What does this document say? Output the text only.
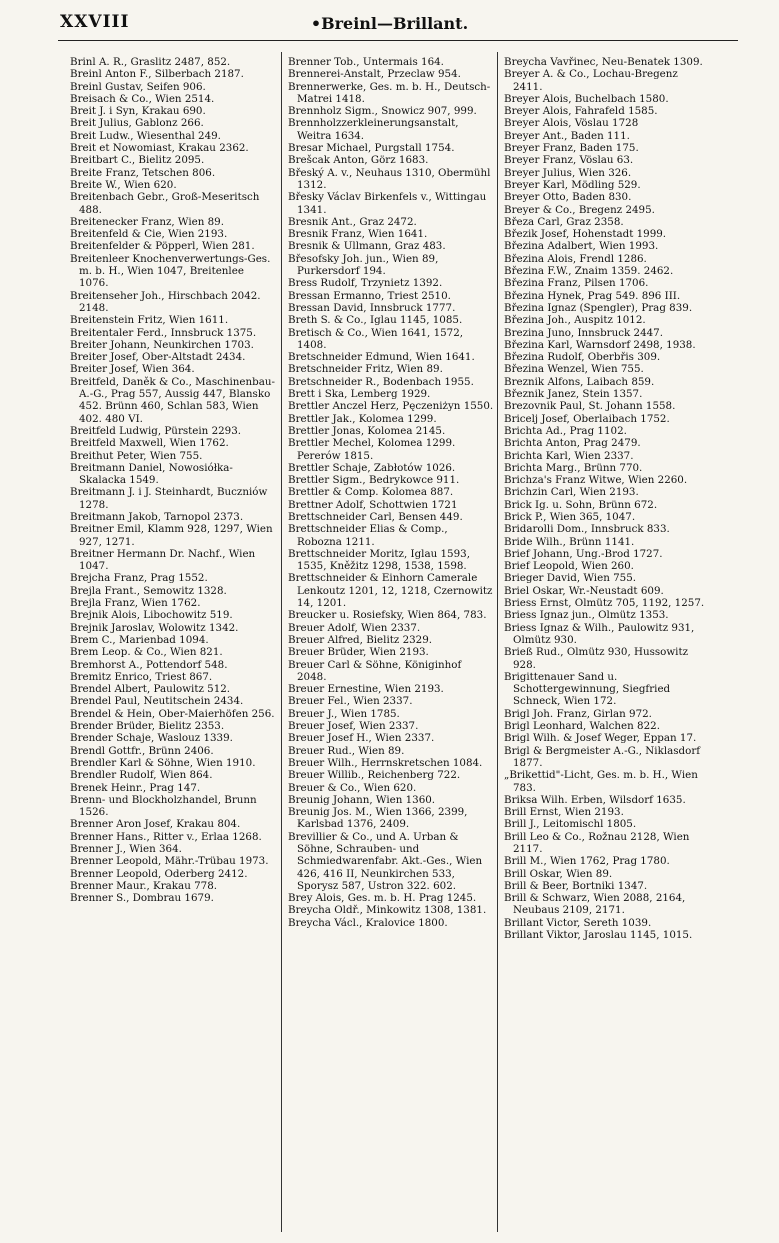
XXVIII	•Breinl—Brillant.

Brinl A. R., Graslitz 2487, 852.

Breinl Anton F., Silberbach 2187.

Breinl Gustav, Seifen 906.

Breisach & Co., Wien 2514.

Breit J. i Syn, Krakau 690.

Breit Julius, Gablonz 266.

Breit Ludw., Wiesenthal 249.

Breit et Nowomiast, Krakau 2362.

Breitbart C., Bielitz 2095.

Breite Franz, Tetschen 806.

Breite W., Wien 620.

Breitenbach Gebr., Groß-Meseritsch 488.

Breitenecker Franz, Wien 89.

Breitenfeld & Cie, Wien 2193.

Breitenfelder & Pöpperl, Wien 281.

Breitenleer Knochenverwertungs-Ges. m. b. H., Wien 1047, Breitenlee 1076.

Breitenseher Joh., Hirschbach 2042. 2148.

Breitenstein Fritz, Wien 1611.

Breitentaler Ferd., Innsbruck 1375.

Breiter Johann, Neunkirchen 1703.

Breiter Josef, Ober-Altstadt 2434.

Breiter Josef, Wien 364.

Breitfeld, Daněk & Co., Maschinenbau-A.-G., Prag 557, Aussig 447, Blansko 452. Brünn 460, Schlan 583, Wien 402. 480 VI.

Breitfeld Ludwig, Pürstein 2293.

Breitfeld Maxwell, Wien 1762.

Breithut Peter, Wien 755.

Breitmann Daniel, Nowosiółka-Skalacka 1549.

Breitmann J. i J. Steinhardt, Buczniów 1278.

Breitmann Jakob, Tarnopol 2373.

Breitner Emil, Klamm 928, 1297, Wien 927, 1271.

Breitner Hermann Dr. Nachf., Wien 1047.

Brejcha Franz, Prag 1552.

Brejla Frant., Semowitz 1328.

Brejla Franz, Wien 1762.

Brejnik Alois, Libochowitz 519.

Brejnik Jaroslav, Wolowitz 1342.

Brem C., Marienbad 1094.

Brem Leop. & Co., Wien 821.

Bremhorst A., Pottendorf 548.

Bremitz Enrico, Triest 867.

Brendel Albert, Paulowitz 512.

Brendel Paul, Neutitschein 2434.

Brendel & Hein, Ober-Maierhöfen 256.

Brender Brüder, Bielitz 2353.

Brender Schaje, Waslouz 1339.

Brendl Gottfr., Brünn 2406.

Brendler Karl & Söhne, Wien 1910.

Brendler Rudolf, Wien 864.

Brenek Heinr., Prag 147.

Brenn- und Blockholzhandel, Brunn 1526.

Brenner Aron Josef, Krakau 804.

Brenner Hans., Ritter v., Erlaa 1268.

Brenner J., Wien 364.

Brenner Leopold, Mähr.-Trübau 1973.

Brenner Leopold, Oderberg 2412.

Brenner Maur., Krakau 778.

Brenner S., Dombrau 1679.

Brenner Tob., Untermais 164.

Brennerei-Anstalt, Przeclaw 954.

Brennerwerke, Ges. m. b. H., Deutsch-Matrei 1418.

Brennholz Sigm., Snowicz 907, 999.

Brennholzzerkleinerungsanstalt, Weitra 1634.

Bresar Michael, Purgstall 1754.

Brešcak Anton, Görz 1683.

Břeský A. v., Neuhaus 1310, Obermühl 1312.

Břesky Václav Birkenfels v., Wittingau 1341.

Bresnik Ant., Graz 2472.

Bresnik Franz, Wien 1641.

Bresnik & Ullmann, Graz 483.

Břesofsky Joh. jun., Wien 89, Purkersdorf 194.

Bress Rudolf, Trzynietz 1392.

Bressan Ermanno, Triest 2510.

Bressan David, Innsbruck 1777.

Breth S. & Co., Iglau 1145, 1085.

Bretisch & Co., Wien 1641, 1572, 1408.

Bretschneider Edmund, Wien 1641.

Bretschneider Fritz, Wien 89.

Bretschneider R., Bodenbach 1955.

Brett i Ska, Lemberg 1929.

Brettler Anczel Herz, Pęczeniżyn 1550.

Brettler Jak., Kolomea 1299.

Brettler Jonas, Kolomea 2145.

Brettler Mechel, Kolomea 1299. Pererów 1815.

Brettler Schaje, Zabłotów 1026.

Brettler Sigm., Bedrykowce 911.

Brettler & Comp. Kolomea 887.

Brettner Adolf, Schottwien 1721

Brettschneider Carl, Bensen 449.

Brettschneider Elias & Comp., Robozna 1211.

Brettschneider Moritz, Iglau 1593, 1535, Kněžitz 1298, 1538, 1598.

Brettschneider & Einhorn Camerale Lenkoutz 1201, 12, 1218, Czernowitz 14, 1201.

Breucker u. Rosiefsky, Wien 864, 783.

Breuer Adolf, Wien 2337.

Breuer Alfred, Bielitz 2329.

Breuer Brüder, Wien 2193.

Breuer Carl & Söhne, Königinhof 2048.

Breuer Ernestine, Wien 2193.

Breuer Fel., Wien 2337.

Breuer J., Wien 1785.

Breuer Josef, Wien 2337.

Breuer Josef H., Wien 2337.

Breuer Rud., Wien 89.

Breuer Wilh., Herrnskretschen 1084.

Breuer Willib., Reichenberg 722.

Breuer & Co., Wien 620.

Breunig Johann, Wien 1360.

Breunig Jos. M., Wien 1366, 2399, Karlsbad 1376, 2409.

Brevillier & Co., und A. Urban & Söhne, Schrauben- und Schmiedwarenfabr. Akt.-Ges., Wien 426, 416 II, Neunkirchen 533, Sporysz 587, Ustron 322. 602.

Brey Alois, Ges. m. b. H. Prag 1245.

Breycha Oldř., Minkowitz 1308, 1381.

Breycha Václ., Kralovice 1800.

Breycha Vavřinec, Neu-Benatek 1309.

Breyer A. & Co., Lochau-Bregenz 2411.

Breyer Alois, Buchelbach 1580.

Breyer Alois, Fahrafeld 1585.

Breyer Alois, Vöslau 1728

Breyer Ant., Baden 111.

Breyer Franz, Baden 175.

Breyer Franz, Vöslau 63.

Breyer Julius, Wien 326.

Breyer Karl, Mödling 529.

Breyer Otto, Baden 830.

Breyer & Co., Bregenz 2495.

Březa Carl, Graz 2358.

Březik Josef, Hohenstadt 1999.

Březina Adalbert, Wien 1993.

Březina Alois, Frendl 1286.

Březina F.W., Znaim 1359. 2462.

Březina Franz, Pilsen 1706.

Březina Hynek, Prag 549. 896 III.

Březina Ignaz (Spengler), Prag 839.

Březina Joh., Auspitz 1012.

Brezina Juno, Innsbruck 2447.

Březina Karl, Warnsdorf 2498, 1938.

Březina Rudolf, Oberbřis 309.

Březina Wenzel, Wien 755.

Breznik Alfons, Laibach 859.

Březnik Janez, Stein 1357.

Brezovnik Paul, St. Johann 1558.

Bricelj Josef, Oberlaibach 1752.

Brichta Ad., Prag 1102.

Brichta Anton, Prag 2479.

Brichta Karl, Wien 2337.

Brichta Marg., Brünn 770.

Brichza's Franz Witwe, Wien 2260.

Brichzin Carl, Wien 2193.

Brick Ig. u. Sohn, Brünn 672.

Brick P., Wien 365, 1047.

Bridarolli Dom., Innsbruck 833.

Bride Wilh., Brünn 1141.

Brief Johann, Ung.-Brod 1727.

Brief Leopold, Wien 260.

Brieger David, Wien 755.

Briel Oskar, Wr.-Neustadt 609.

Briess Ernst, Olmütz 705, 1192, 1257.

Briess Ignaz jun., Olmütz 1353.

Briess Ignaz & Wilh., Paulowitz 931, Olmütz 930.

Brieß Rud., Olmütz 930, Hussowitz 928.

Brigittenauer Sand u. Schottergewinnung, Siegfried Schneck, Wien 172.

Brigl Joh. Franz, Girlan 972.

Brigl Leonhard, Walchen 822.

Brigl Wilh. & Josef Weger, Eppan 17.

Brigl & Bergmeister A.-G., Niklasdorf 1877.

„Brikettid"-Licht, Ges. m. b. H., Wien 783.

Briksa Wilh. Erben, Wilsdorf 1635.

Brill Ernst, Wien 2193.

Brill J., Leitomischl 1805.

Brill Leo & Co., Rožnau 2128, Wien 2117.

Brill M., Wien 1762, Prag 1780.

Brill Oskar, Wien 89.

Brill & Beer, Bortniki 1347.

Brill & Schwarz, Wien 2088, 2164, Neubaus 2109, 2171.

Brillant Victor, Sereth 1039.

Brillant Viktor, Jaroslau 1145, 1015.
